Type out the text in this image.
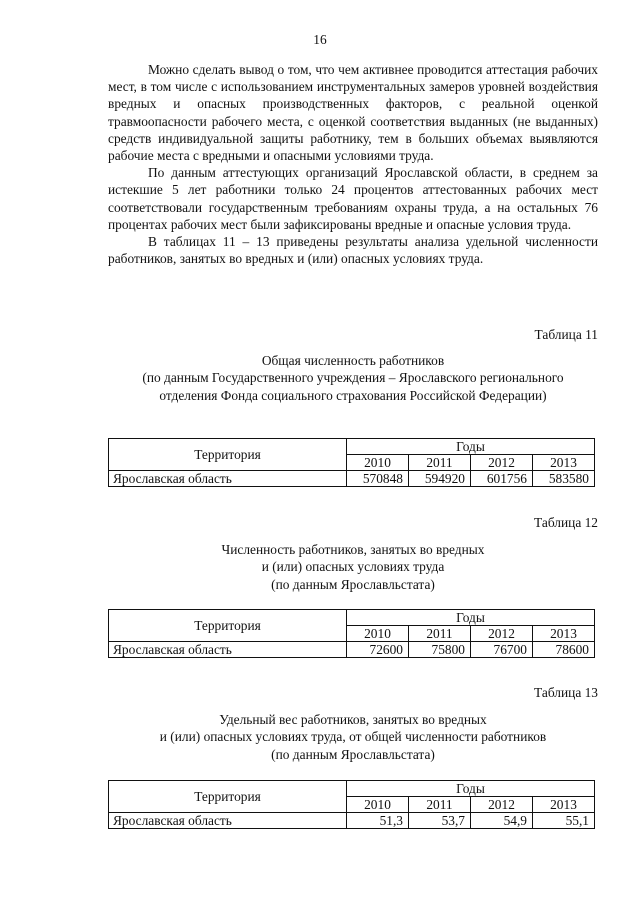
16

Можно сделать вывод о том, что чем активнее проводится аттестация рабочих мест, в том числе с использованием инструментальных замеров уровней воздействия вредных и опасных производственных факторов, с реальной оценкой травмоопасности рабочего места, с оценкой соответствия выданных (не выданных) средств индивидуальной защиты работнику, тем в больших объемах выявляются рабочие места с вредными и опасными условиями труда.

По данным аттестующих организаций Ярославской области, в среднем за истекшие 5 лет работники только 24 процентов аттестованных рабочих мест соответствовали государственным требованиям охраны труда, а на остальных 76 процентах рабочих мест были зафиксированы вредные и опасные условия труда.

В таблицах 11 – 13 приведены результаты анализа удельной численности работников, занятых во вредных и (или) опасных условиях труда.

Таблица 11
Общая численность работников
(по данным Государственного учреждения – Ярославского регионального
отделения Фонда социального страхования Российской Федерации)
Территория	Годы			
	2010	2011	2012	2013
Ярославская область	570848	594920	601756	583580
Таблица 12
Численность работников, занятых во вредных
и (или) опасных условиях труда
(по данным Ярославльстата)
Территория	Годы			
	2010	2011	2012	2013
Ярославская область	72600	75800	76700	78600
Таблица 13
Удельный вес работников, занятых во вредных
и (или) опасных условиях труда, от общей численности работников
(по данным Ярославльстата)
Территория	Годы			
	2010	2011	2012	2013
Ярославская область	51,3	53,7	54,9	55,1
